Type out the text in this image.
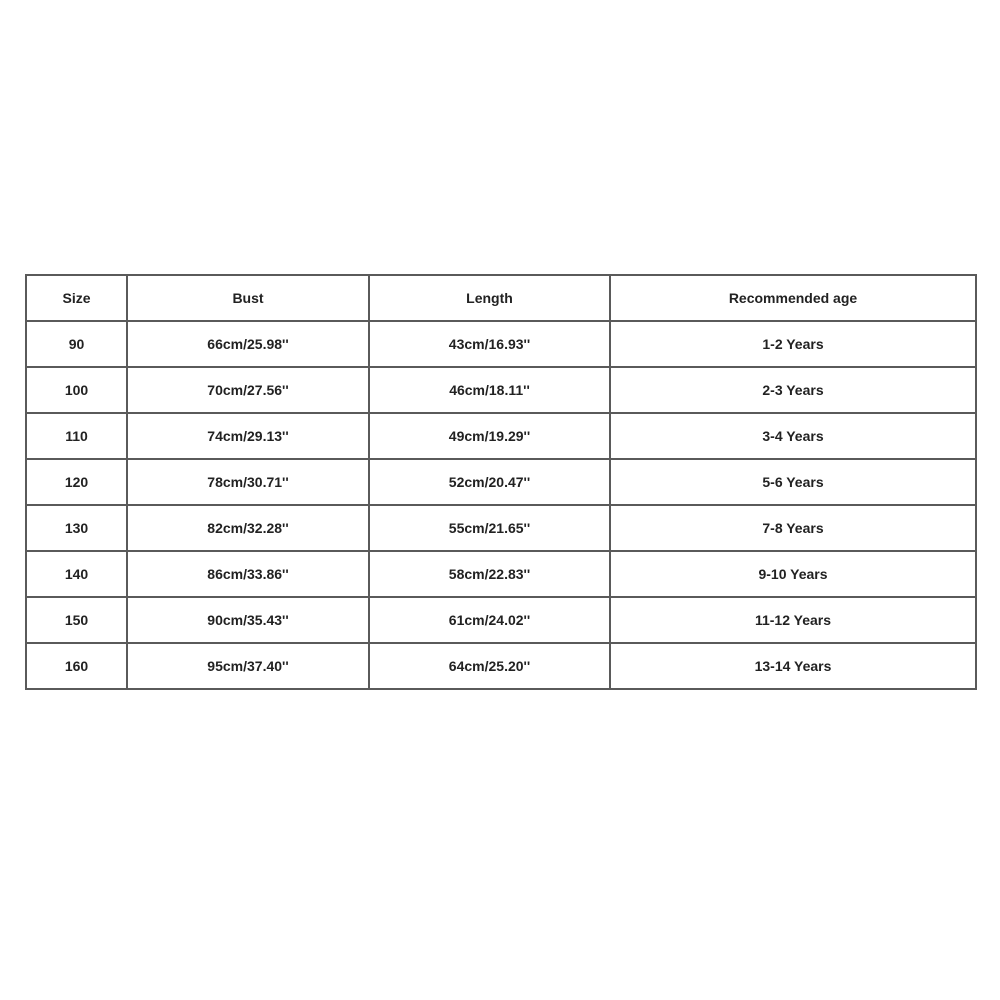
Size	Bust	Length	Recommended age
90	66cm/25.98''	43cm/16.93''	1-2 Years
100	70cm/27.56''	46cm/18.11''	2-3 Years
110	74cm/29.13''	49cm/19.29''	3-4 Years
120	78cm/30.71''	52cm/20.47''	5-6 Years
130	82cm/32.28''	55cm/21.65''	7-8 Years
140	86cm/33.86''	58cm/22.83''	9-10 Years
150	90cm/35.43''	61cm/24.02''	11-12 Years
160	95cm/37.40''	64cm/25.20''	13-14 Years
